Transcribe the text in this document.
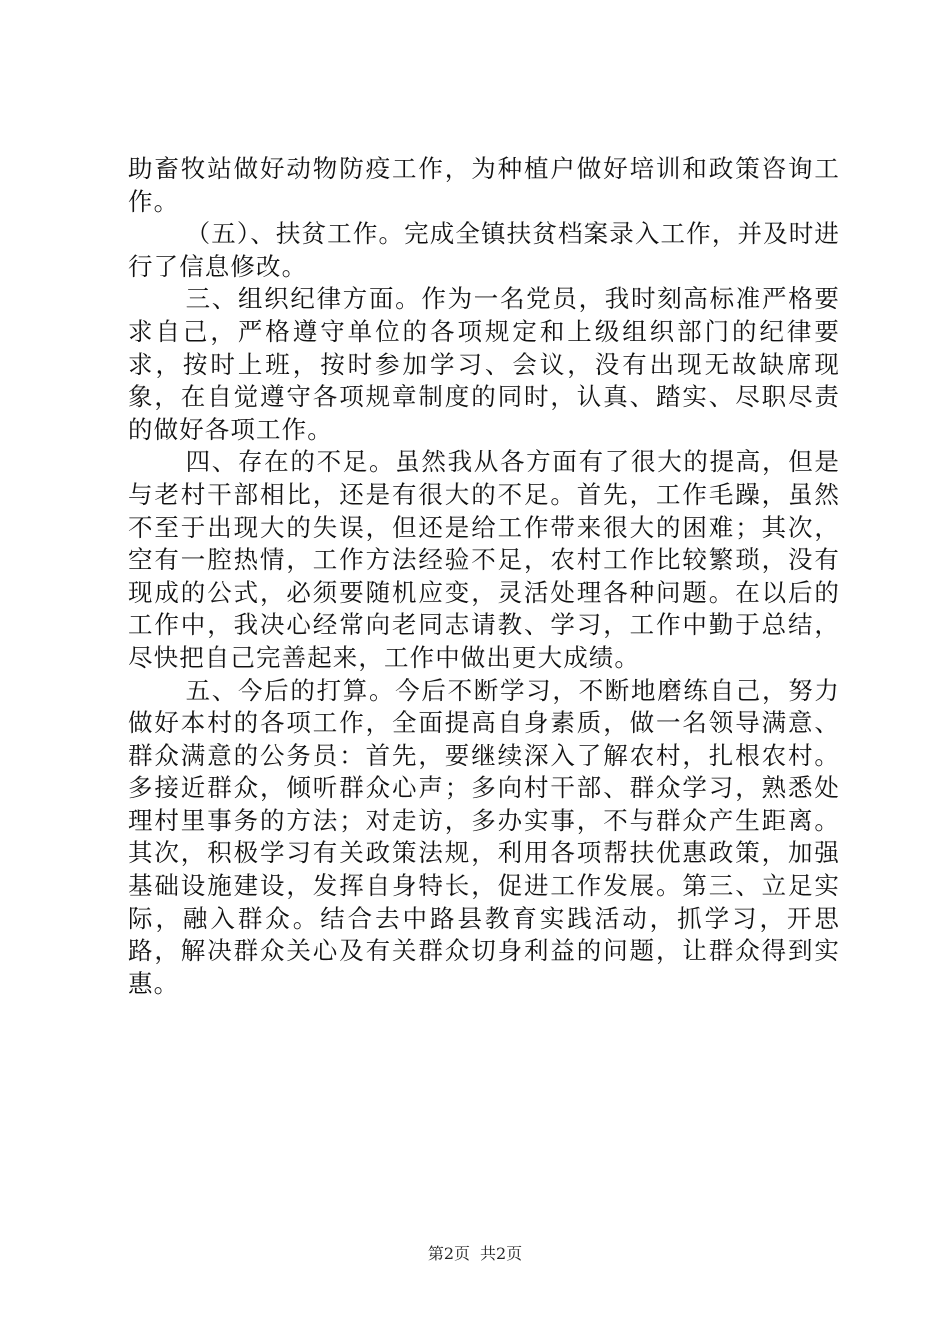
助畜牧站做好动物防疫工作，为种植户做好培训和政策咨询工作。

（五）、扶贫工作。完成全镇扶贫档案录入工作，并及时进行了信息修改。

三、组织纪律方面。作为一名党员，我时刻高标准严格要求自己，严格遵守单位的各项规定和上级组织部门的纪律要求，按时上班，按时参加学习、会议，没有出现无故缺席现象，在自觉遵守各项规章制度的同时，认真、踏实、尽职尽责的做好各项工作。

四、存在的不足。虽然我从各方面有了很大的提高，但是与老村干部相比，还是有很大的不足。首先，工作毛躁，虽然不至于出现大的失误，但还是给工作带来很大的困难；其次，空有一腔热情，工作方法经验不足，农村工作比较繁琐，没有现成的公式，必须要随机应变，灵活处理各种问题。在以后的工作中，我决心经常向老同志请教、学习，工作中勤于总结，尽快把自己完善起来，工作中做出更大成绩。

五、今后的打算。今后不断学习，不断地磨练自己，努力做好本村的各项工作，全面提高自身素质，做一名领导满意、群众满意的公务员：首先，要继续深入了解农村，扎根农村。多接近群众，倾听群众心声；多向村干部、群众学习，熟悉处理村里事务的方法；对走访，多办实事，不与群众产生距离。其次，积极学习有关政策法规，利用各项帮扶优惠政策，加强基础设施建设，发挥自身特长，促进工作发展。第三、立足实际，融入群众。结合去中路县教育实践活动，抓学习，开思路，解决群众关心及有关群众切身利益的问题，让群众得到实惠。

第2页 共2页
